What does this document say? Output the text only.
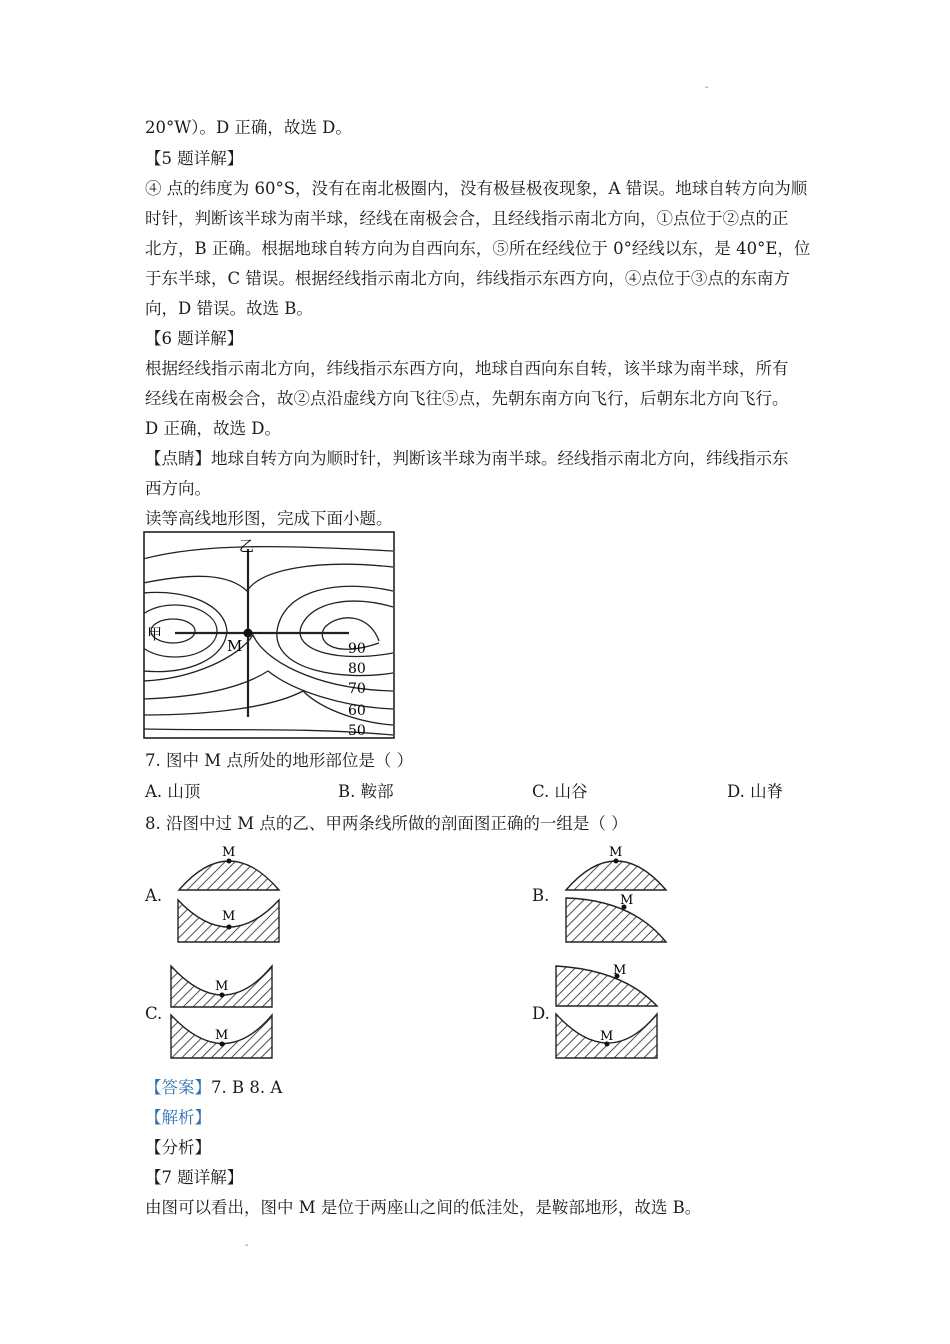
-
20°W）。D 正确，故选 D。
【5 题详解】
④ 点的纬度为 60°S，没有在南北极圈内，没有极昼极夜现象，A 错误。地球自转方向为顺
时针，判断该半球为南半球，经线在南极会合，且经线指示南北方向，①点位于②点的正
北方，B 正确。根据地球自转方向为自西向东，⑤所在经线位于 0°经线以东，是 40°E，位
于东半球，C 错误。根据经线指示南北方向，纬线指示东西方向，④点位于③点的东南方
向，D 错误。故选 B。
【6 题详解】
根据经线指示南北方向，纬线指示东西方向，地球自西向东自转，该半球为南半球，所有
经线在南极会合，故②点沿虚线方向飞往⑤点，先朝东南方向飞行，后朝东北方向飞行。
D 正确，故选 D。
【点睛】地球自转方向为顺时针，判断该半球为南半球。经线指示南北方向，纬线指示东
西方向。
读等高线地形图，完成下面小题。
乙
甲
M	90
80
70
60
50
7. 图中 M 点所处的地形部位是（ ）
A. 山顶	B. 鞍部	C. 山谷	D. 山脊
8. 沿图中过 M 点的乙、甲两条线所做的剖面图正确的一组是（ ）
A.
M
M
B.
M
M
C.
M
M
D.
M
M
【答案】7. B 8. A
【解析】
【分析】
【7 题详解】
由图可以看出，图中 M 是位于两座山之间的低洼处，是鞍部地形，故选 B。
-
